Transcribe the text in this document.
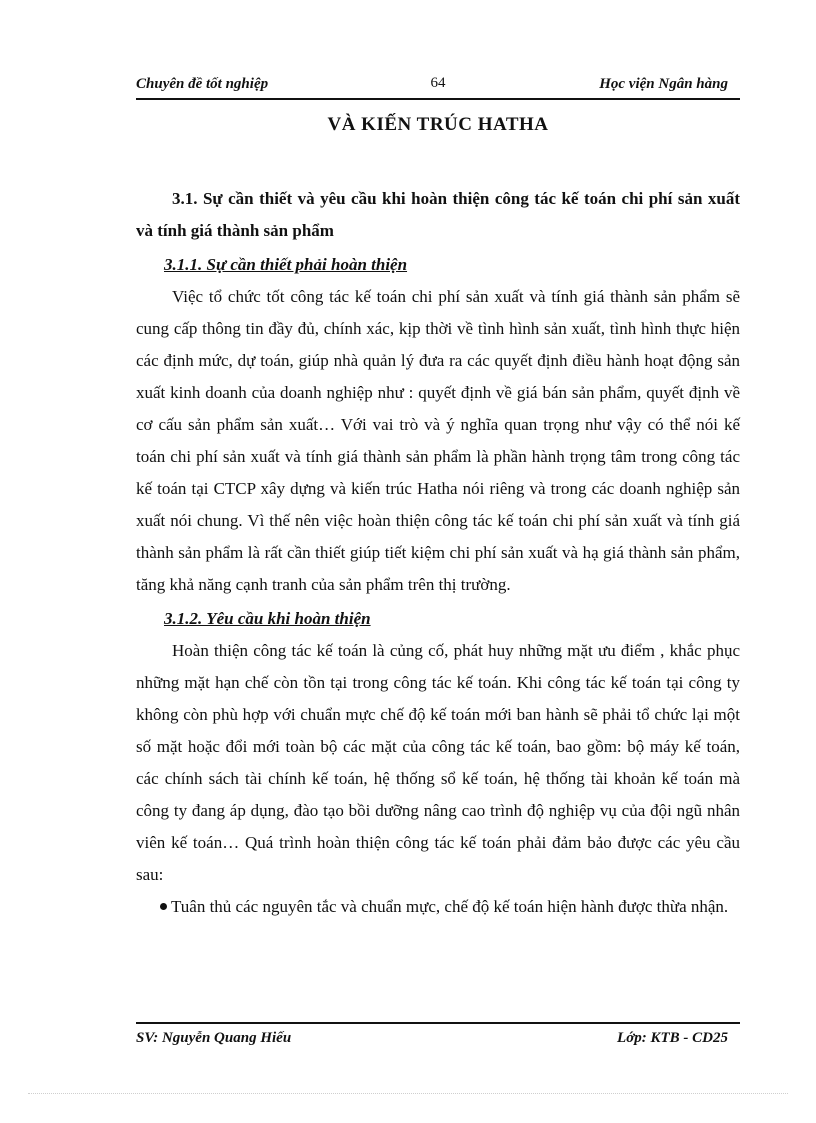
Chuyên đề tốt nghiệp	64	Học viện Ngân hàng
VÀ KIẾN TRÚC HATHA

3.1. Sự cần thiết và yêu cầu khi hoàn thiện công tác kế toán chi phí sản xuất và tính giá thành sản phẩm

3.1.1. Sự cần thiết phải hoàn thiện

Việc tổ chức tốt công tác kế toán chi phí sản xuất và tính giá thành sản phẩm sẽ cung cấp thông tin đầy đủ, chính xác, kịp thời về tình hình sản xuất, tình hình thực hiện các định mức, dự toán, giúp nhà quản lý đưa ra các quyết định điều hành hoạt động sản xuất kinh doanh của doanh nghiệp như : quyết định về giá bán sản phẩm, quyết định về cơ cấu sản phẩm sản xuất… Với vai trò và ý nghĩa quan trọng như vậy có thể nói kế toán chi phí sản xuất và tính giá thành sản phẩm là phần hành trọng tâm trong công tác kế toán tại CTCP xây dựng và kiến trúc Hatha nói riêng và trong các doanh nghiệp sản xuất nói chung. Vì thế nên việc hoàn thiện công tác kế toán chi phí sản xuất và tính giá thành sản phẩm là rất cần thiết giúp tiết kiệm chi phí sản xuất và hạ giá thành sản phẩm, tăng khả năng cạnh tranh của sản phẩm trên thị trường.

3.1.2. Yêu cầu khi hoàn thiện

Hoàn thiện công tác kế toán là củng cố, phát huy những mặt ưu điểm , khắc phục những mặt hạn chế còn tồn tại trong công tác kế toán. Khi công tác kế toán tại công ty không còn phù hợp với chuẩn mực chế độ kế toán mới ban hành sẽ phải tổ chức lại một số mặt hoặc đổi mới toàn bộ các mặt của công tác kế toán, bao gồm: bộ máy kế toán, các chính sách tài chính kế toán, hệ thống sổ kế toán, hệ thống tài khoản kế toán mà công ty đang áp dụng, đào tạo bồi dưỡng nâng cao trình độ nghiệp vụ của đội ngũ nhân viên kế toán… Quá trình hoàn thiện công tác kế toán phải đảm bảo được các yêu cầu sau:

Tuân thủ các nguyên tắc và chuẩn mực, chế độ kế toán hiện hành được thừa nhận.

SV: Nguyễn Quang Hiếu	Lớp: KTB - CD25
